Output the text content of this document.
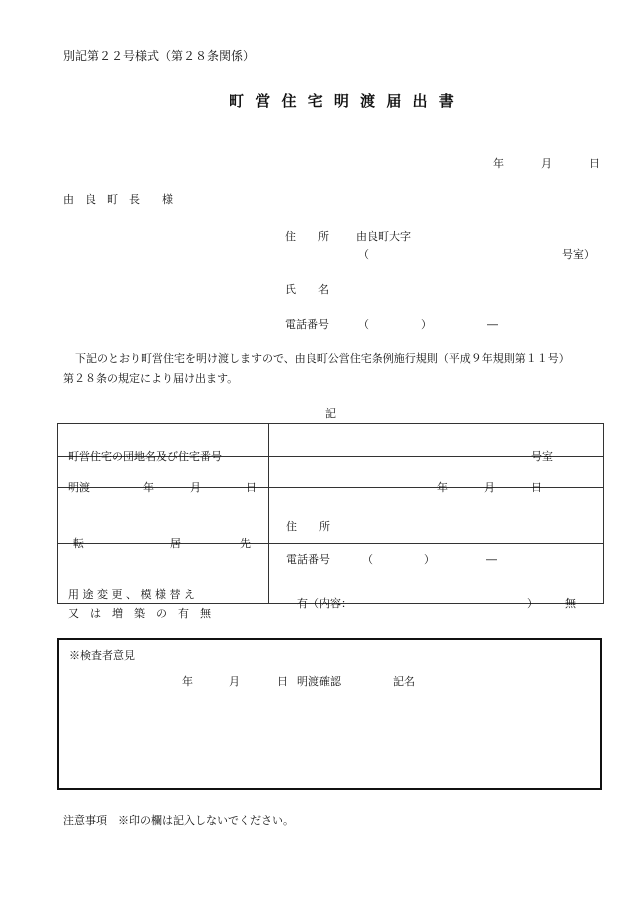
別記第２２号様式（第２８条関係）
町 営 住 宅 明 渡 届 出 書
年	月	日
由　良　町　長　　様
住　　所 由良町大字
（	号室）
氏　　名
電話番号	（	）	―
下記のとおり町営住宅を明け渡しますので、由良町公営住宅条例施行規則（平成９年規則第１１号）
第２８条の規定により届け出ます。
記
町営住宅の団地名及び住宅番号	号室

明渡 年 月 日	年 月 日

転 居 先	住　　所
電話番号 （ ） ―

用 途 変 更 、 模 様 替 え
又　は　増　築　の　有　無	有（内容： ） 無
※検査者意見
年	月	日 明渡確認	記名
注意事項　※印の欄は記入しないでください。
